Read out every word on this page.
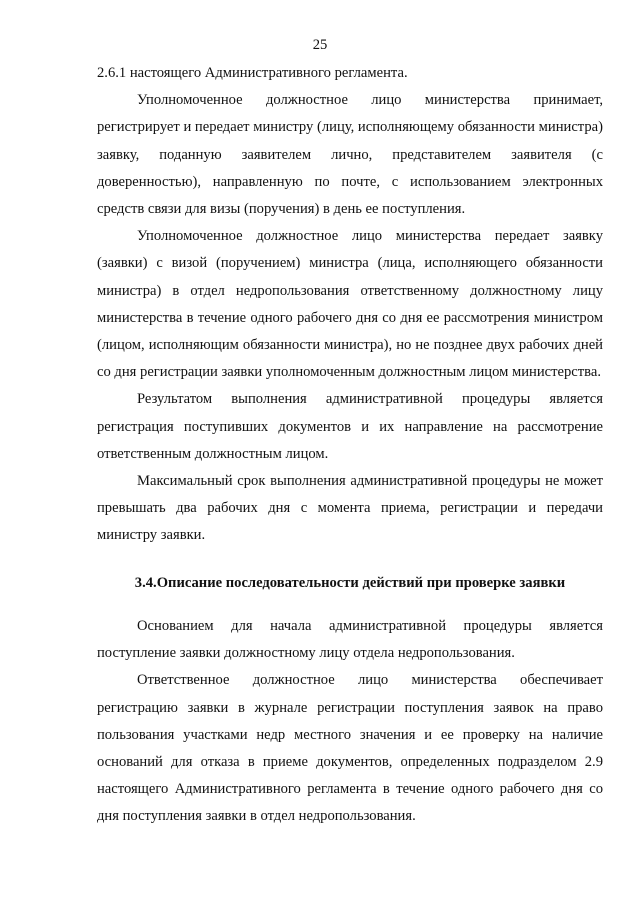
25

2.6.1 настоящего Административного регламента.

Уполномоченное должностное лицо министерства принимает, регистрирует и передает министру (лицу, исполняющему обязанности министра) заявку, поданную заявителем лично, представителем заявителя (с доверенностью), направленную по почте, с использованием электронных средств связи для визы (поручения) в день ее поступления.

Уполномоченное должностное лицо министерства передает заявку (заявки) с визой (поручением) министра (лица, исполняющего обязанности министра) в отдел недропользования ответственному должностному лицу министерства в течение одного рабочего дня со дня ее рассмотрения министром (лицом, исполняющим обязанности министра), но не позднее двух рабочих дней со дня регистрации заявки уполномоченным должностным лицом министерства.

Результатом выполнения административной процедуры является регистрация поступивших документов и их направление на рассмотрение ответственным должностным лицом.

Максимальный срок выполнения административной процедуры не может превышать два рабочих дня с момента приема, регистрации и передачи министру заявки.

3.4.Описание последовательности действий при проверке заявки

Основанием для начала административной процедуры является поступление заявки должностному лицу отдела недропользования.

Ответственное должностное лицо министерства обеспечивает регистрацию заявки в журнале регистрации поступления заявок на право пользования участками недр местного значения и ее проверку на наличие оснований для отказа в приеме документов, определенных подразделом 2.9 настоящего Административного регламента в течение одного рабочего дня со дня поступления заявки в отдел недропользования.
